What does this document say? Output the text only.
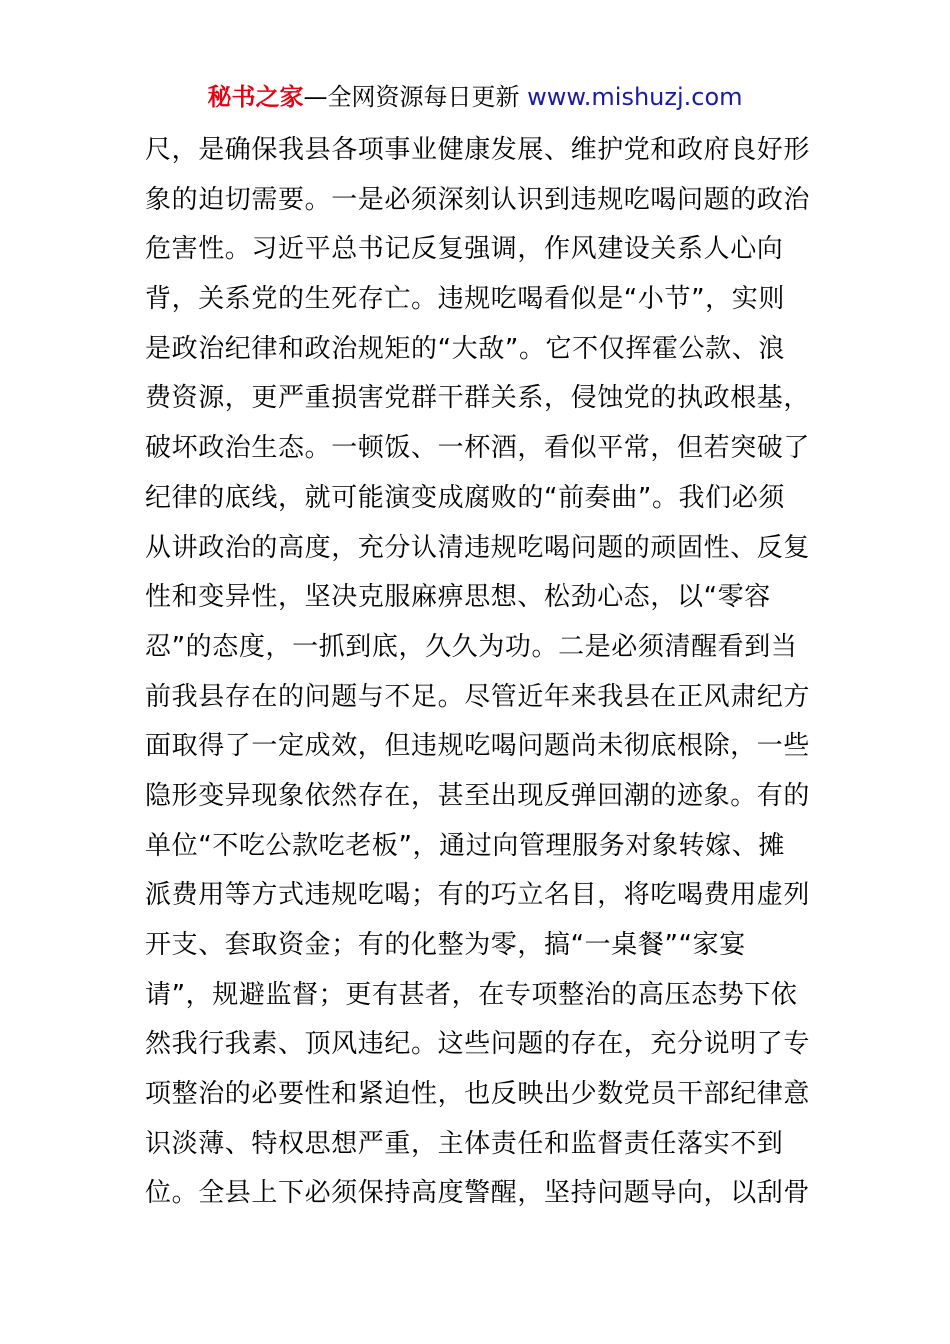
秘书之家—全网资源每日更新 www.mishuzj.com
尺，是确保我县各项事业健康发展、维护党和政府良好形
象的迫切需要。一是必须深刻认识到违规吃喝问题的政治
危害性。习近平总书记反复强调，作风建设关系人心向
背，关系党的生死存亡。违规吃喝看似是“小节”，实则
是政治纪律和政治规矩的“大敌”。它不仅挥霍公款、浪
费资源，更严重损害党群干群关系，侵蚀党的执政根基，
破坏政治生态。一顿饭、一杯酒，看似平常，但若突破了
纪律的底线，就可能演变成腐败的“前奏曲”。我们必须
从讲政治的高度，充分认清违规吃喝问题的顽固性、反复
性和变异性，坚决克服麻痹思想、松劲心态，以“零容
忍”的态度，一抓到底，久久为功。二是必须清醒看到当
前我县存在的问题与不足。尽管近年来我县在正风肃纪方
面取得了一定成效，但违规吃喝问题尚未彻底根除，一些
隐形变异现象依然存在，甚至出现反弹回潮的迹象。有的
单位“不吃公款吃老板”，通过向管理服务对象转嫁、摊
派费用等方式违规吃喝；有的巧立名目，将吃喝费用虚列
开支、套取资金；有的化整为零，搞“一桌餐”“家宴
请”，规避监督；更有甚者，在专项整治的高压态势下依
然我行我素、顶风违纪。这些问题的存在，充分说明了专
项整治的必要性和紧迫性，也反映出少数党员干部纪律意
识淡薄、特权思想严重，主体责任和监督责任落实不到
位。全县上下必须保持高度警醒，坚持问题导向，以刮骨
